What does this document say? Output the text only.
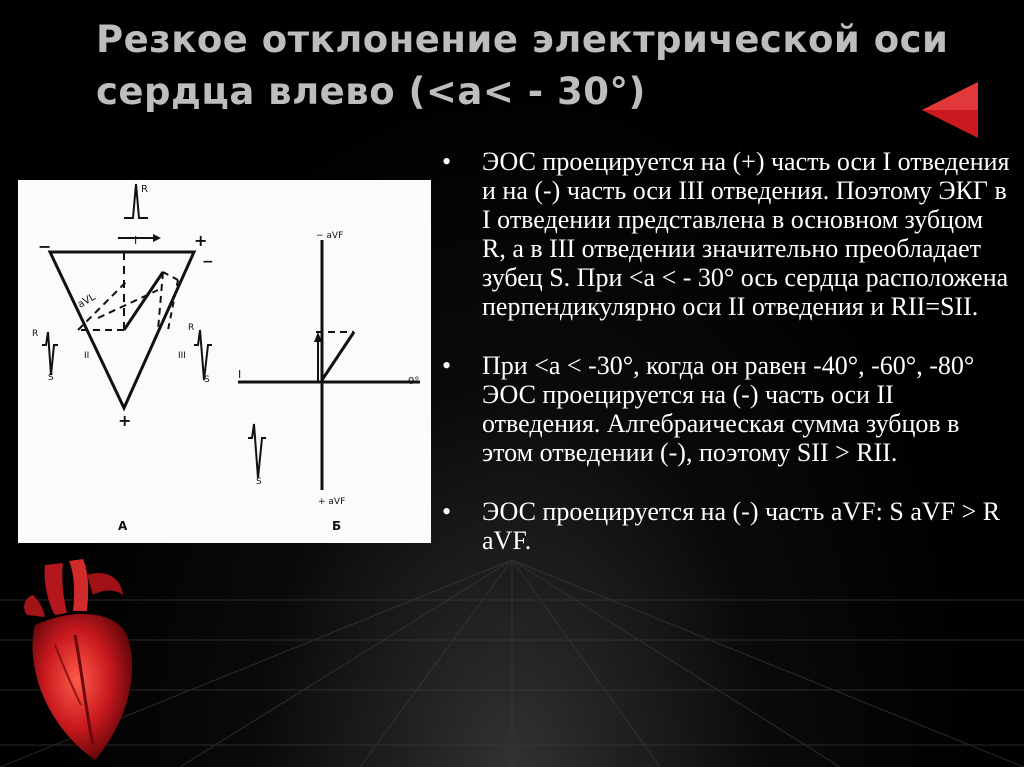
Резкое отклонение электрической оси
сердца влево (<a< - 30°)
R
I
−	+
−
aVL
II	III
+
R
S
R
S
A
− aVF
I
0°
+ aVF
Б
S
•	ЭОС проецируется на (+) часть оси I отведения и на (-) часть оси III отведения. Поэтому ЭКГ в I отведении представлена в основном зубцом R, а в III отведении значительно преобладает зубец S. При <a < - 30° ось сердца расположена перпендикулярно оси II отведения и RII=SII.
•	При <a < -30°, когда он равен -40°, -60°, -80° ЭОС проецируется на (-) часть оси II отведения. Алгебраическая сумма зубцов в этом отведении (-), поэтому SII > RII.
•	ЭОС проецируется на (-) часть aVF: S aVF > R aVF.
